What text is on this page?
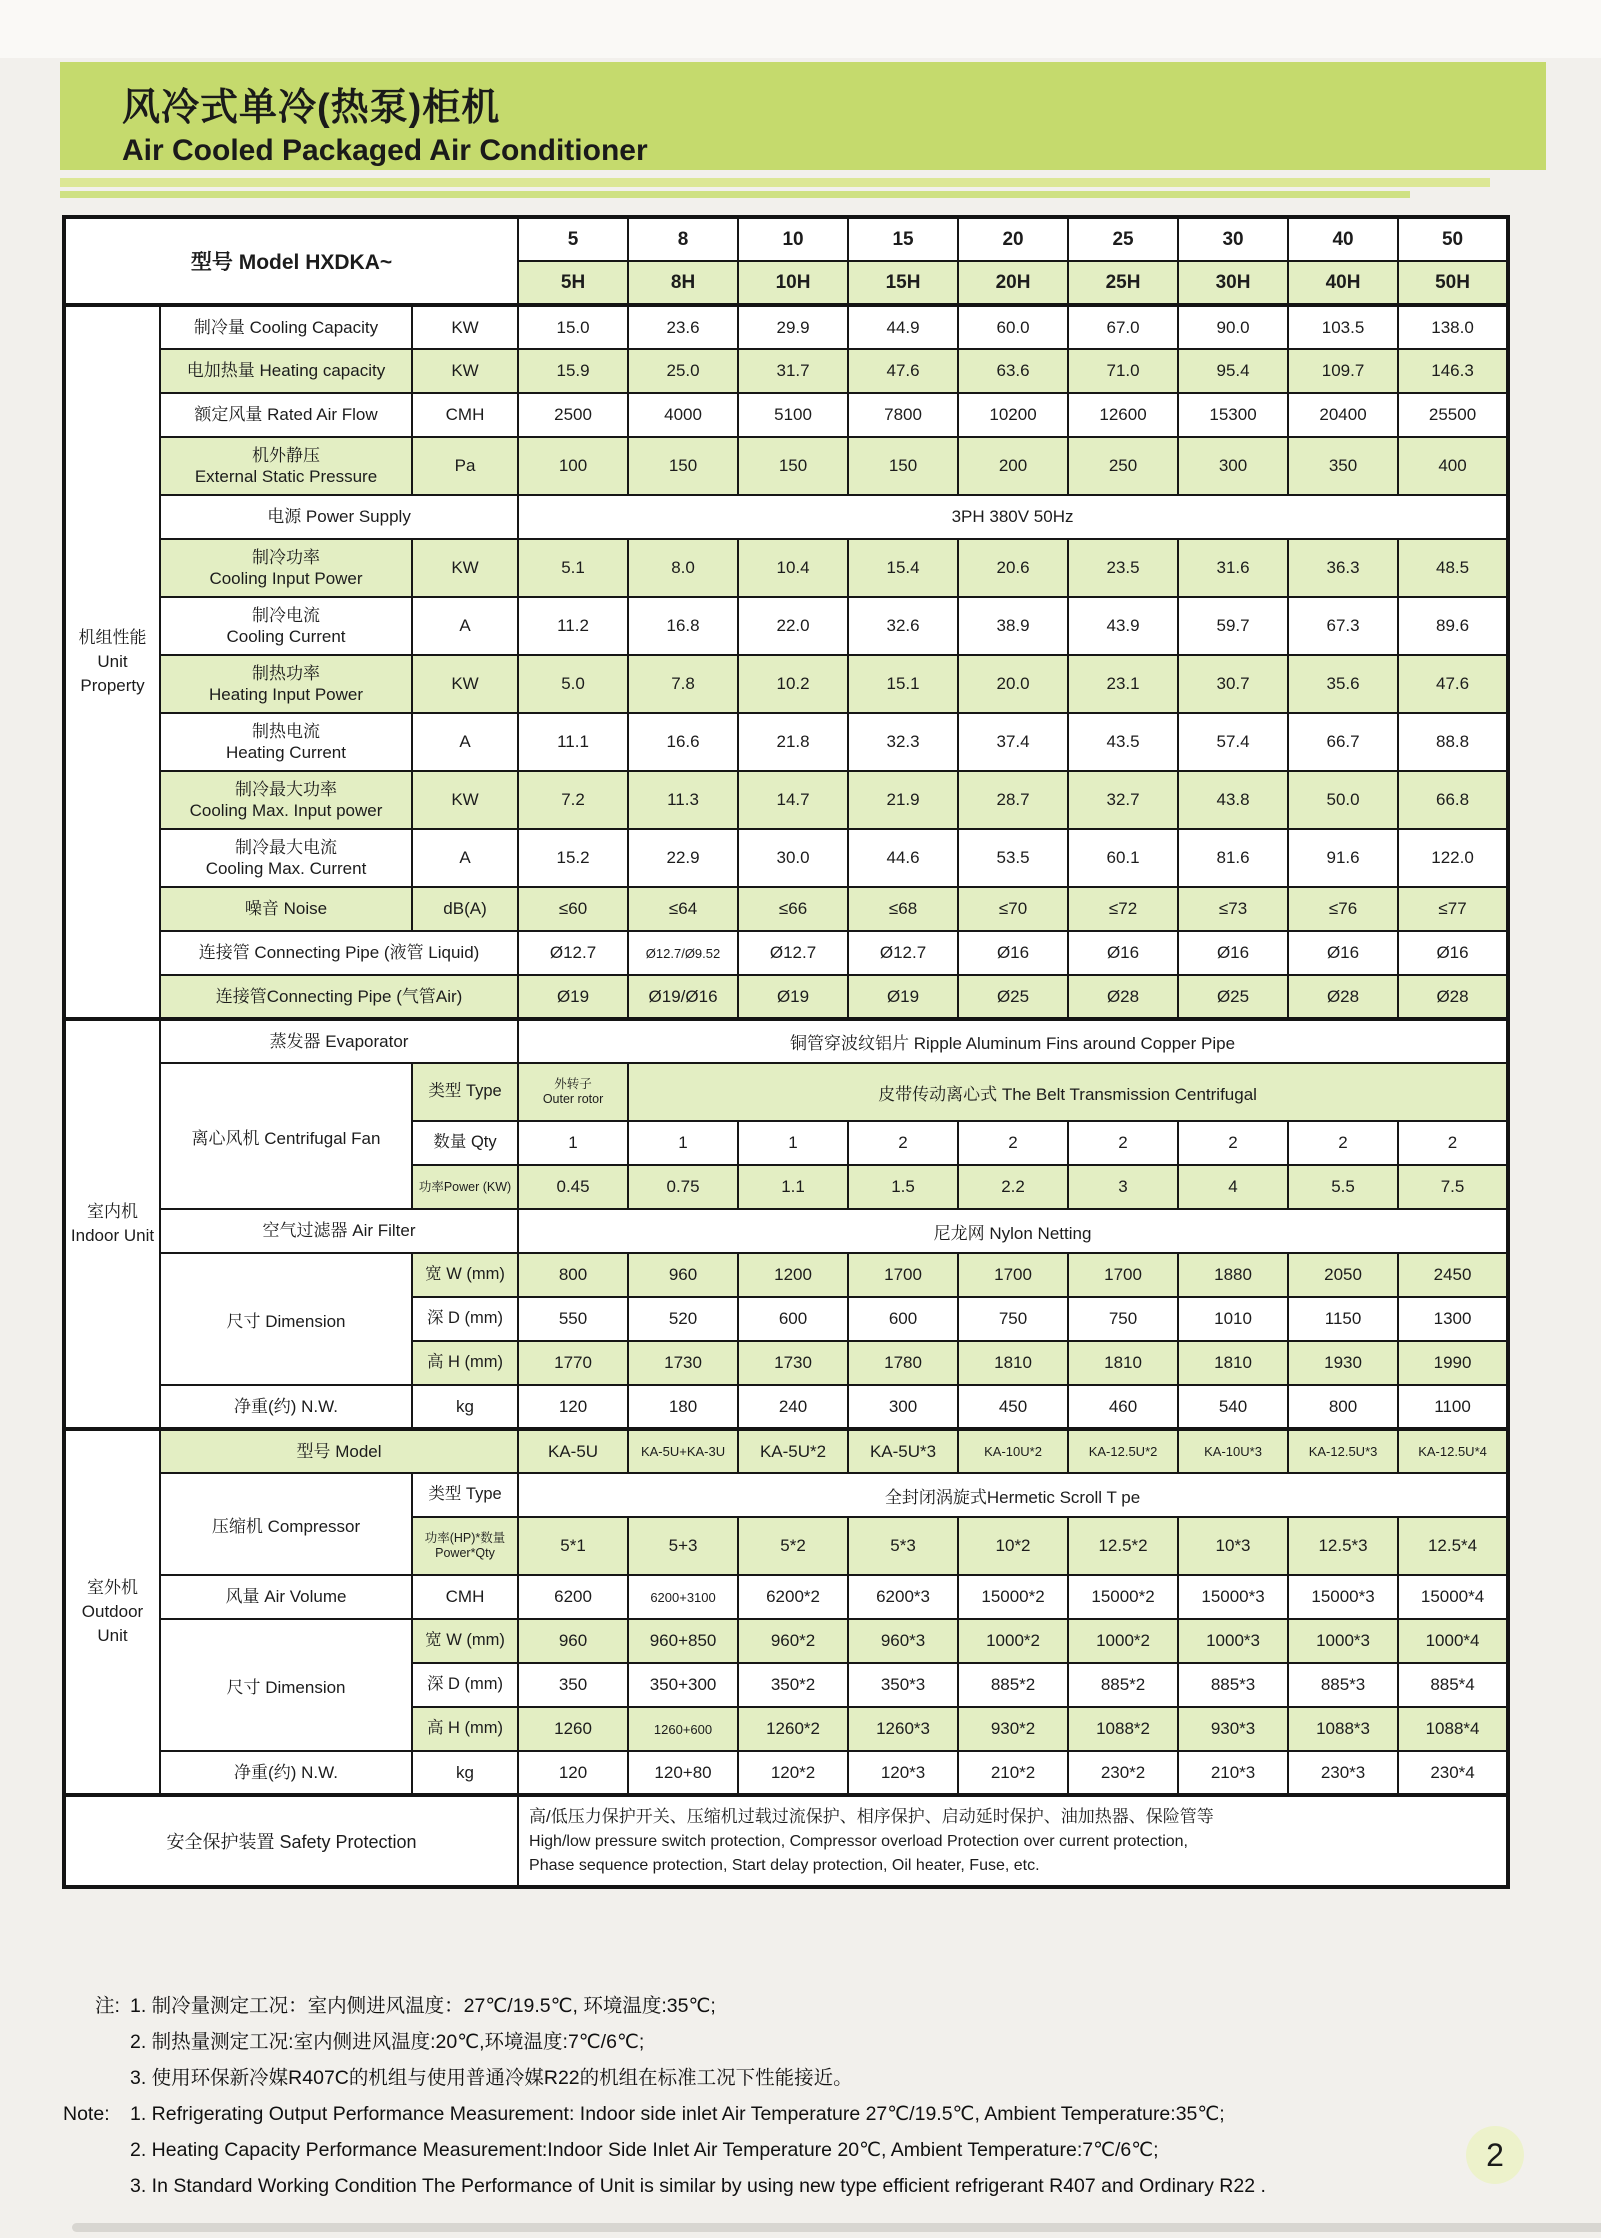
风冷式单冷(热泵)柜机
Air Cooled Packaged Air Conditioner
型号 Model HXDKA~			5	8	10	15	20	25	30	40	50
			5H	8H	10H	15H	20H	25H	30H	40H	50H
机组性能
Unit Property	制冷量 Cooling Capacity	KW	15.0	23.6	29.9	44.9	60.0	67.0	90.0	103.5	138.0
	电加热量 Heating capacity	KW	15.9	25.0	31.7	47.6	63.6	71.0	95.4	109.7	146.3
	额定风量 Rated Air Flow	CMH	2500	4000	5100	7800	10200	12600	15300	20400	25500
	机外静压
External Static Pressure	Pa	100	150	150	150	200	250	300	350	400
	电源 Power Supply		3PH 380V 50Hz								
	制冷功率
Cooling Input Power	KW	5.1	8.0	10.4	15.4	20.6	23.5	31.6	36.3	48.5
	制冷电流
Cooling Current	A	11.2	16.8	22.0	32.6	38.9	43.9	59.7	67.3	89.6
	制热功率
Heating Input Power	KW	5.0	7.8	10.2	15.1	20.0	23.1	30.7	35.6	47.6
	制热电流
Heating Current	A	11.1	16.6	21.8	32.3	37.4	43.5	57.4	66.7	88.8
	制冷最大功率
Cooling Max. Input power	KW	7.2	11.3	14.7	21.9	28.7	32.7	43.8	50.0	66.8
	制冷最大电流
Cooling Max. Current	A	15.2	22.9	30.0	44.6	53.5	60.1	81.6	91.6	122.0
	噪音 Noise	dB(A)	≤60	≤64	≤66	≤68	≤70	≤72	≤73	≤76	≤77
	连接管 Connecting Pipe (液管 Liquid)		Ø12.7	Ø12.7/Ø9.52	Ø12.7	Ø12.7	Ø16	Ø16	Ø16	Ø16	Ø16
	连接管Connecting Pipe (气管Air)		Ø19	Ø19/Ø16	Ø19	Ø19	Ø25	Ø28	Ø25	Ø28	Ø28
室内机
Indoor Unit	蒸发器 Evaporator		铜管穿波纹铝片 Ripple Aluminum Fins around Copper Pipe								
	离心风机 Centrifugal Fan	类型 Type	外转子
Outer rotor	皮带传动离心式 The Belt Transmission Centrifugal							
		数量 Qty	1	1	1	2	2	2	2	2	2
		功率Power (KW)	0.45	0.75	1.1	1.5	2.2	3	4	5.5	7.5
	空气过滤器 Air Filter		尼龙网 Nylon Netting								
	尺寸 Dimension	宽 W (mm)	800	960	1200	1700	1700	1700	1880	2050	2450
		深 D (mm)	550	520	600	600	750	750	1010	1150	1300
		高 H (mm)	1770	1730	1730	1780	1810	1810	1810	1930	1990
	净重(约) N.W.	kg	120	180	240	300	450	460	540	800	1100
室外机
Outdoor Unit	型号 Model		KA-5U	KA-5U+KA-3U	KA-5U*2	KA-5U*3	KA-10U*2	KA-12.5U*2	KA-10U*3	KA-12.5U*3	KA-12.5U*4
	压缩机 Compressor	类型 Type	全封闭涡旋式Hermetic Scroll T pe								
		功率(HP)*数量
Power*Qty	5*1	5+3	5*2	5*3	10*2	12.5*2	10*3	12.5*3	12.5*4
	风量 Air Volume	CMH	6200	6200+3100	6200*2	6200*3	15000*2	15000*2	15000*3	15000*3	15000*4
	尺寸 Dimension	宽 W (mm)	960	960+850	960*2	960*3	1000*2	1000*2	1000*3	1000*3	1000*4
		深 D (mm)	350	350+300	350*2	350*3	885*2	885*2	885*3	885*3	885*4
		高 H (mm)	1260	1260+600	1260*2	1260*3	930*2	1088*2	930*3	1088*3	1088*4
	净重(约) N.W.	kg	120	120+80	120*2	120*3	210*2	230*2	210*3	230*3	230*4
安全保护装置 Safety Protection			高/低压力保护开关、压缩机过载过流保护、相序保护、启动延时保护、油加热器、保险管等
High/low pressure switch protection, Compressor overload Protection over current protection,
Phase sequence protection, Start delay protection, Oil heater, Fuse, etc.								
注: 1. 制冷量测定工况：室内侧进风温度：27℃/19.5℃, 环境温度:35℃;
2. 制热量测定工况:室内侧进风温度:20℃,环境温度:7℃/6℃;
3. 使用环保新冷媒R407C的机组与使用普通冷媒R22的机组在标准工况下性能接近。
Note:	1. Refrigerating Output Performance Measurement: Indoor side inlet Air Temperature 27℃/19.5℃, Ambient Temperature:35℃;
2. Heating Capacity Performance Measurement:Indoor Side Inlet Air Temperature 20℃, Ambient Temperature:7℃/6℃;
3. In Standard Working Condition The Performance of Unit is similar by using new type efficient refrigerant R407 and Ordinary R22 .
2
